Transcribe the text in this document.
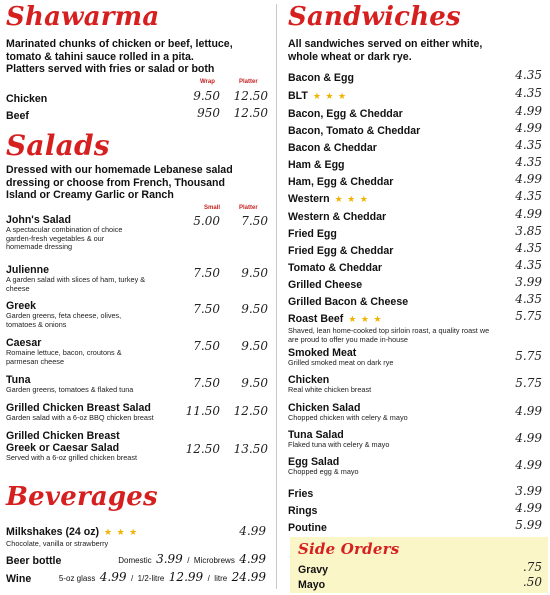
Shawarma
Marinated chunks of chicken or beef, lettuce, tomato & tahini sauce rolled in a pita. Platters served with fries or salad or both
Wrap	Platter
Chicken	9.50	12.50
Beef	950	12.50
Salads
Dressed with our homemade Lebanese salad dressing or choose from French, Thousand Island or Creamy Garlic or Ranch
Small	Platter
John's Salad
A spectacular combination of choice garden-fresh vegetables & our homemade dressing
5.00	7.50
Julienne
A garden salad with slices of ham, turkey & cheese
7.50	9.50
Greek
Garden greens, feta cheese, olives, tomatoes & onions
7.50	9.50
Caesar
Romaine lettuce, bacon, croutons & parmesan cheese
7.50	9.50
Tuna
Garden greens, tomatoes & flaked tuna	7.50	9.50
Grilled Chicken Breast Salad
Garden salad with a 6-oz BBQ chicken breast	11.50	12.50
Grilled Chicken Breast Greek or Caesar Salad
Served with a 6-oz grilled chicken breast
12.50	13.50
Beverages
Milkshakes (24 oz) ★ ★ ★
Chocolate, vanilla or strawberry
4.99
Beer bottle	Domestic 3.99 / Microbrews 4.99
Wine	5-oz glass 4.99 / 1/2-litre 12.99 / litre 24.99
Sandwiches
All sandwiches served on either white, whole wheat or dark rye.
Bacon & Egg	4.35
BLT ★ ★ ★	4.35
Bacon, Egg & Cheddar	4.99
Bacon, Tomato & Cheddar	4.99
Bacon & Cheddar	4.35
Ham & Egg	4.35
Ham, Egg & Cheddar	4.99
Western ★ ★ ★	4.35
Western & Cheddar	4.99
Fried Egg	3.85
Fried Egg & Cheddar	4.35
Tomato & Cheddar	4.35
Grilled Cheese	3.99
Grilled Bacon & Cheese	4.35
Roast Beef ★ ★ ★
Shaved, lean home-cooked top sirloin roast, a quality roast we are proud to offer you made in-house
5.75
Smoked Meat
Grilled smoked meat on dark rye	5.75
Chicken
Real white chicken breast	5.75
Chicken Salad
Chopped chicken with celery & mayo	4.99
Tuna Salad
Flaked tuna with celery & mayo	4.99
Egg Salad
Chopped egg & mayo	4.99
Fries	3.99
Rings	4.99
Poutine	5.99
Side Orders
Gravy	.75
Mayo	.50
